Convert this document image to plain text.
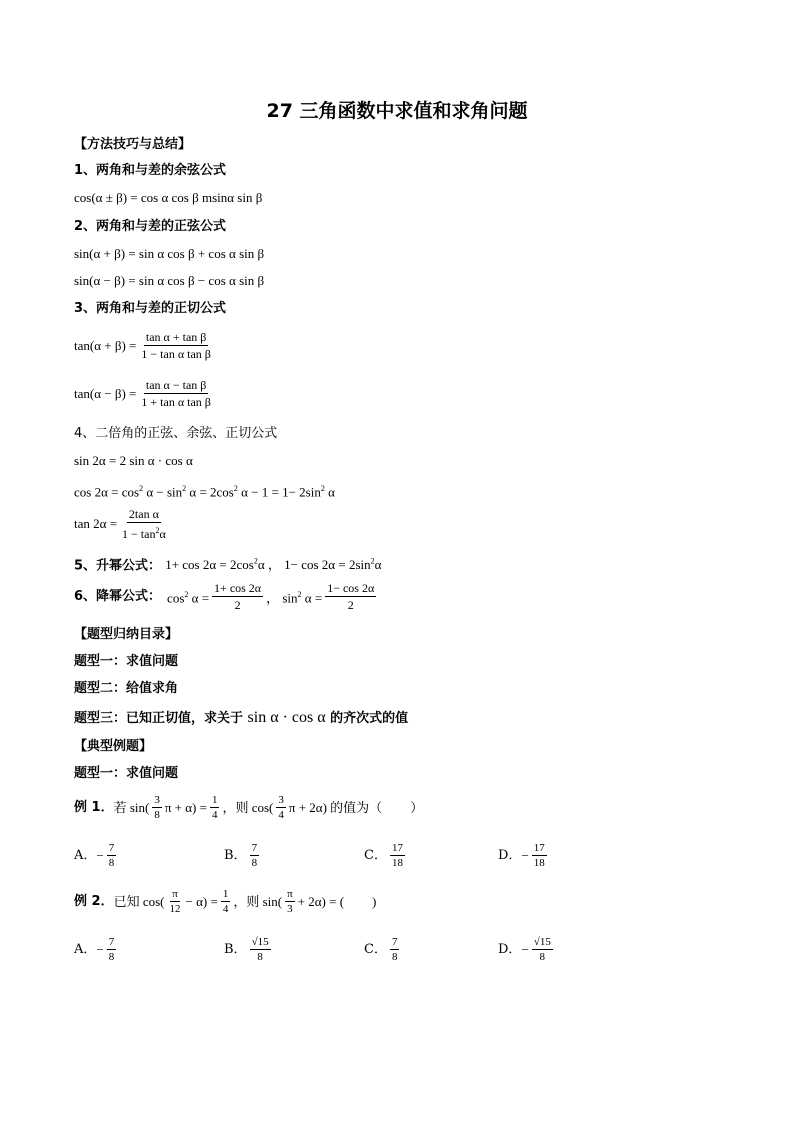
27 三角函数中求值和求角问题
【方法技巧与总结】
1、两角和与差的余弦公式
cos(α ± β) = cos α cos β msinα sin β
2、两角和与差的正弦公式
sin(α + β) = sin α cos β + cos α sin β
sin(α − β) = sin α cos β − cos α sin β
3、两角和与差的正切公式
$\tan(\alpha + \beta) = \frac{\text{tan α + tan β}}{\text{1 − tan α tan β}}$
$\tan(\alpha - \beta) = \frac{\text{tan α − tan β}}{\text{1 + tan α tan β}}$
4、二倍角的正弦、余弦、正切公式
sin 2α = 2 sin α · cos α
$\cos 2\alpha = \cos^2 \alpha - \sin^2 \alpha = 2\cos^2$ $\alpha - 1 = 1- 2\sin^2$ α
$\tan 2\alpha = \frac{\text{2tan α}}{1 - \tan^2\alpha}$
5、升幂公式： $1+ \cos 2\alpha = 2\cos^2\alpha$ ， $1- \cos 2\alpha = 2\sin^2\alpha$
6、降幂公式： $\cos^2 \alpha = \frac{1+ \cos 2\alpha}{2}$ ， $\sin^2 \alpha = \frac{1- \cos 2\alpha}{2}$
【题型归纳目录】
题型一：求值问题
题型二：给值求角
题型三：已知正切值，求关于 sin α · cos α 的齐次式的值
【典型例题】
题型一：求值问题
例 1． 若 $\sin( \frac{3}{8}$ $\pi + \alpha) = \frac{1}{4}$ ，则 $\cos( \frac{3}{4}$ π + 2α) 的值为（ ）
A． − $\frac{7}{8}$	B． $\frac{7}{8}$	C． $\frac{17}{18}$	D． − $\frac{17}{18}$
例 2． 已知 $\cos( \frac{\pi}{12} - \alpha) = \frac{1}{4}$ ，则 $\sin( \frac{\pi}{3} + 2\alpha)$ = ( )
A． − $\frac{7}{8}$	B． $\frac{√15}{8}$	C． $\frac{7}{8}$	D． − $\frac{√15}{8}$
